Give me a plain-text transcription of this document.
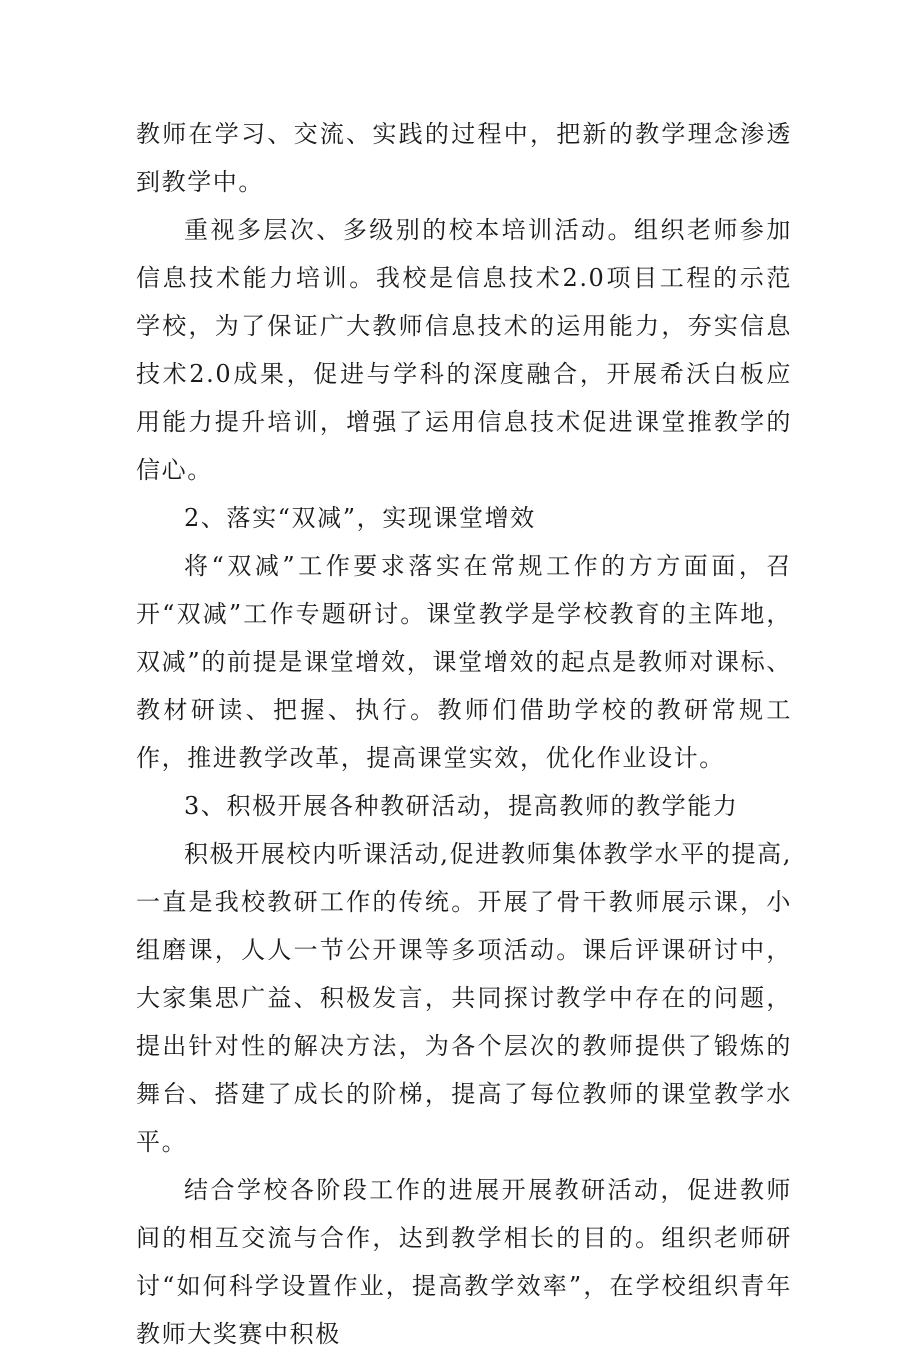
教师在学习、交流、实践的过程中，把新的教学理念渗透到教学中。

重视多层次、多级别的校本培训活动。组织老师参加信息技术能力培训。我校是信息技术2.0项目工程的示范学校，为了保证广大教师信息技术的运用能力，夯实信息技术2.0成果，促进与学科的深度融合，开展希沃白板应用能力提升培训，增强了运用信息技术促进课堂推教学的信心。

2、落实“双减”，实现课堂增效

将“双减”工作要求落实在常规工作的方方面面，召开“双减”工作专题研讨。课堂教学是学校教育的主阵地，双减”的前提是课堂增效，课堂增效的起点是教师对课标、教材研读、把握、执行。教师们借助学校的教研常规工作，推进教学改革，提高课堂实效，优化作业设计。

3、积极开展各种教研活动，提高教师的教学能力

积极开展校内听课活动,促进教师集体教学水平的提高,一直是我校教研工作的传统。开展了骨干教师展示课，小组磨课，人人一节公开课等多项活动。课后评课研讨中，大家集思广益、积极发言，共同探讨教学中存在的问题，提出针对性的解决方法，为各个层次的教师提供了锻炼的舞台、搭建了成长的阶梯，提高了每位教师的课堂教学水平。

结合学校各阶段工作的进展开展教研活动，促进教师间的相互交流与合作，达到教学相长的目的。组织老师研讨“如何科学设置作业，提高教学效率”，在学校组织青年教师大奖赛中积极
